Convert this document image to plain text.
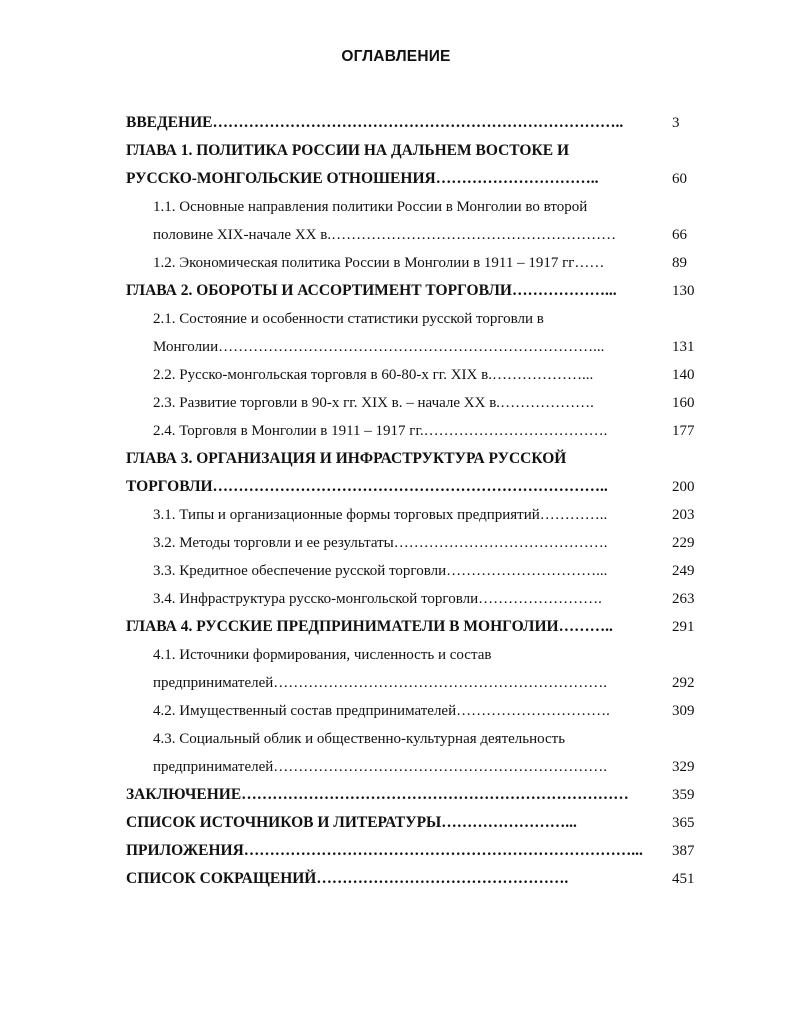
ОГЛАВЛЕНИЕ
ВВЕДЕНИЕ……………………………………………………………………..	3
ГЛАВА 1. ПОЛИТИКА РОССИИ НА ДАЛЬНЕМ ВОСТОКЕ И
РУССКО-МОНГОЛЬСКИЕ ОТНОШЕНИЯ…………………………..	60
1.1. Основные направления политики России в Монголии во второй
половине XIX-начале XX в.…………………………………………………	66
1.2. Экономическая политика России в Монголии в 1911 – 1917 гг……	89
ГЛАВА 2. ОБОРОТЫ И АССОРТИМЕНТ ТОРГОВЛИ………………...	130
2.1. Состояние и особенности статистики русской торговли в
Монголии…………………………………………………………………...	131
2.2. Русско-монгольская торговля в 60-80-х гг. XIX в.………………...	140
2.3. Развитие торговли в 90-х гг. XIX в. – начале XX в.……………….	160
2.4. Торговля в Монголии в 1911 – 1917 гг.……………………………….	177
ГЛАВА 3. ОРГАНИЗАЦИЯ И ИНФРАСТРУКТУРА РУССКОЙ
ТОРГОВЛИ…………………………………………………………………..	200
3.1. Типы и организационные формы торговых предприятий…………..	203
3.2. Методы торговли и ее результаты…………………………………….	229
3.3. Кредитное обеспечение русской торговли…………………………...	249
3.4. Инфраструктура русско-монгольской торговли…………………….	263
ГЛАВА 4. РУССКИЕ ПРЕДПРИНИМАТЕЛИ В МОНГОЛИИ………..	291
4.1. Источники формирования, численность и состав
предпринимателей………………………………………………………….	292
4.2. Имущественный состав предпринимателей………………………….	309
4.3. Социальный облик и общественно-культурная деятельность
предпринимателей………………………………………………………….	329
ЗАКЛЮЧЕНИЕ…………………………………………………………………	359
СПИСОК ИСТОЧНИКОВ И ЛИТЕРАТУРЫ……………………...	365
ПРИЛОЖЕНИЯ…………………………………………………………………...	387
СПИСОК СОКРАЩЕНИЙ………………………………………….	451
